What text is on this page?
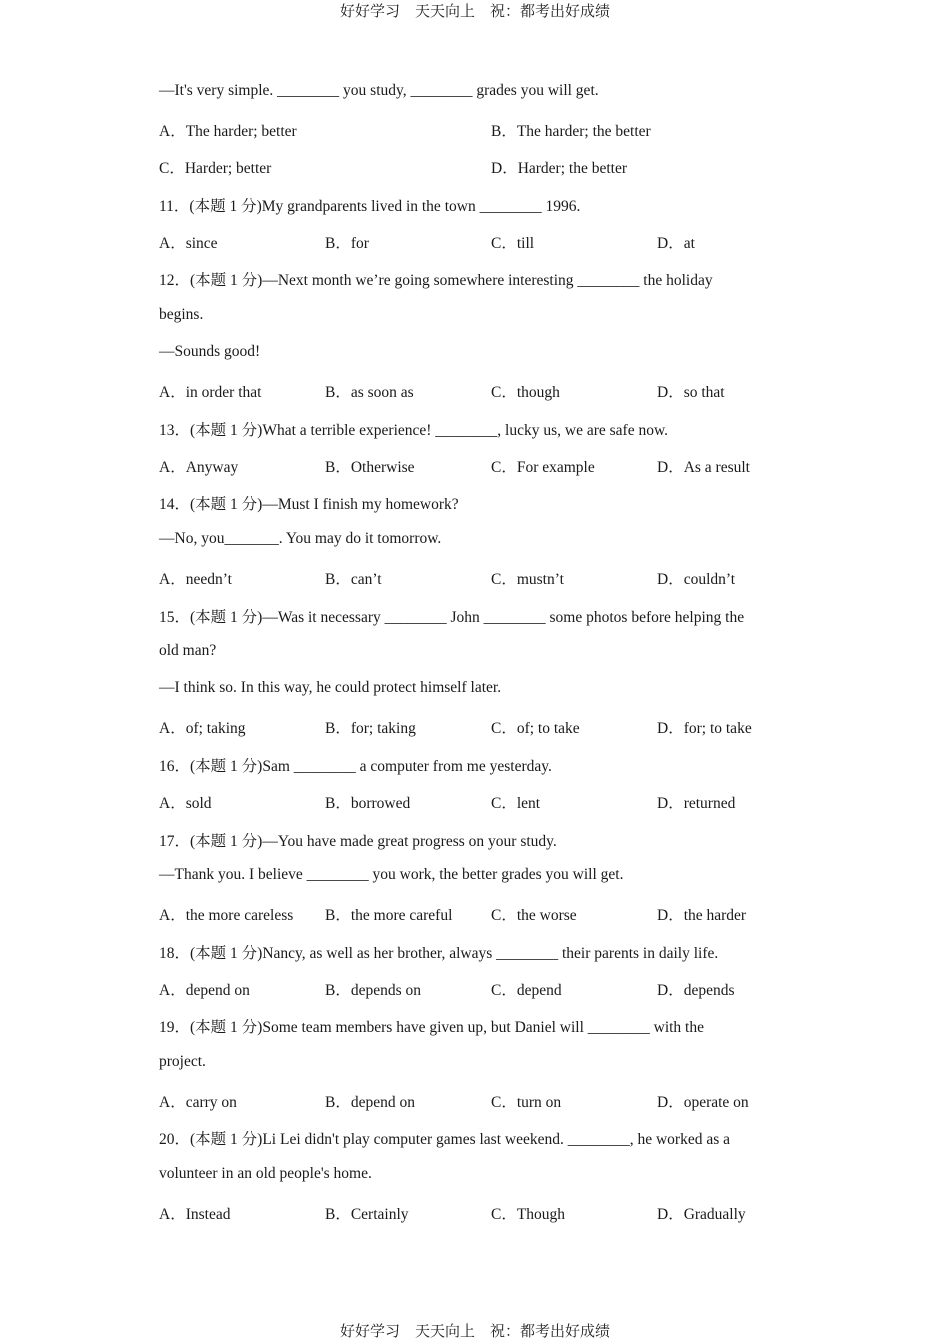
好好学习　天天向上　祝：都考出好成绩
—It's very simple. ________ you study, ________ grades you will get.
A．The harder; better	B．The harder; the better
C．Harder; better	D．Harder; the better
11．(本题 1 分)My grandparents lived in the town ________ 1996.
A．since	B．for	C．till	D．at
12．(本题 1 分)—Next month we’re going somewhere interesting ________ the holiday
begins.
—Sounds good!
A．in order that	B．as soon as	C．though	D．so that
13．(本题 1 分)What a terrible experience! ________, lucky us, we are safe now.
A．Anyway	B．Otherwise	C．For example	D．As a result
14．(本题 1 分)—Must I finish my homework?
—No, you_______. You may do it tomorrow.
A．needn’t	B．can’t	C．mustn’t	D．couldn’t
15．(本题 1 分)—Was it necessary ________ John ________ some photos before helping the
old man?
—I think so. In this way, he could protect himself later.
A．of; taking	B．for; taking	C．of; to take	D．for; to take
16．(本题 1 分)Sam ________ a computer from me yesterday.
A．sold	B．borrowed	C．lent	D．returned
17．(本题 1 分)—You have made great progress on your study.
—Thank you. I believe ________ you work, the better grades you will get.
A．the more careless B．the more careful C．the worse	D．the harder
18．(本题 1 分)Nancy, as well as her brother, always ________ their parents in daily life.
A．depend on	B．depends on	C．depend	D．depends
19．(本题 1 分)Some team members have given up, but Daniel will ________ with the
project.
A．carry on	B．depend on	C．turn on	D．operate on
20．(本题 1 分)Li Lei didn't play computer games last weekend. ________, he worked as a
volunteer in an old people's home.
A．Instead	B．Certainly	C．Though	D．Gradually
好好学习　天天向上　祝：都考出好成绩
